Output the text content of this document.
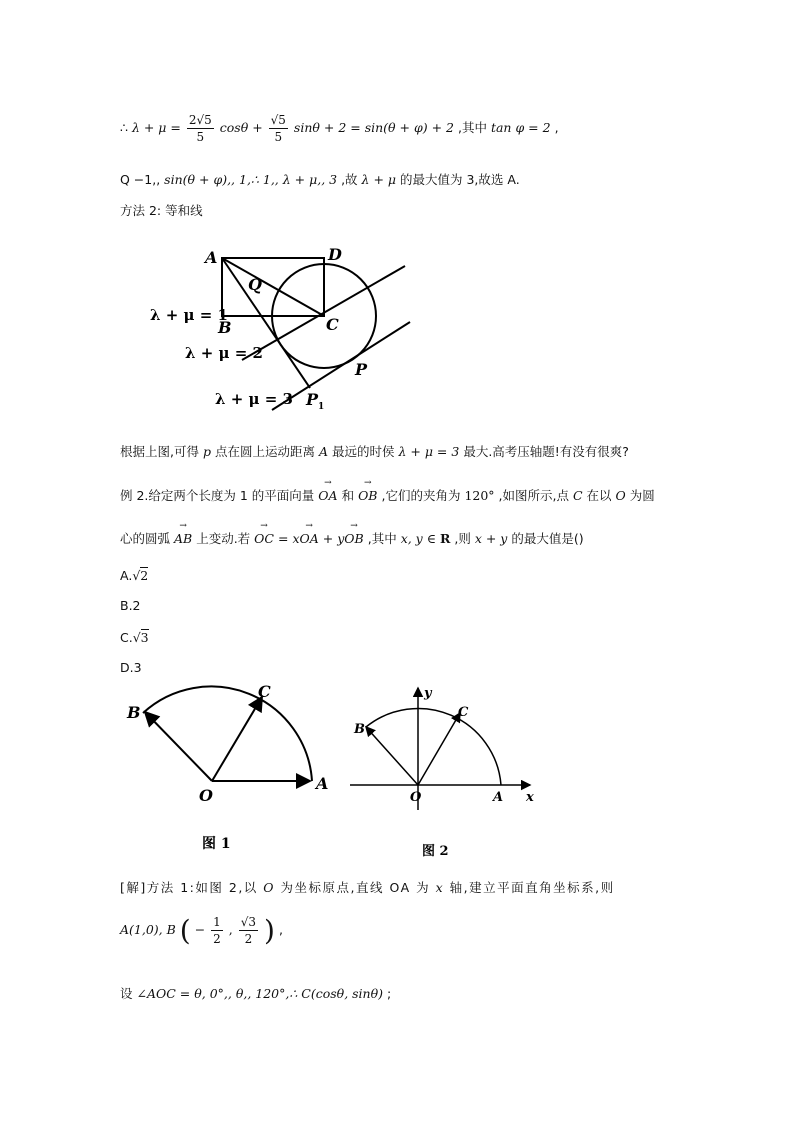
∴ $\lambda + \mu = \frac{2√5}{5}$ $\cos\theta + \frac{√5}{5}$ sinθ + 2 = sin(θ + φ) + 2 ,其中 tan φ = 2 ,
Q −1,, sin(θ + φ),, 1,∴ 1,, λ + μ,, 3 ,故 λ + μ 的最大值为 3,故选 A.
方法 2: 等和线
A	D
Q
B	C
P
$P_1$
λ + μ = 1
λ + μ = 2
λ + μ = 3
根据上图,可得 p 点在圆上运动距离 A 最远的时侯 λ + μ = 3 最大.高考压轴题!有没有很爽?
例 2.给定两个长度为 1 的平面向量 → OA 和 → OB ,它们的夹角为 120° ,如图所示,点 C 在以 O 为圆
心的圆弧 → AB 上变动.若 → OC = x→ OA + y→ OB ,其中 x, y ∈ R ,则 x + y 的最大值是()
A.√2
B.2
C.√3
D.3
B
C
O
A
图 1
y
B
C
O	A x
图 2
[解]方法 1:如图 2,以 O 为坐标原点,直线 OA 为 x 轴,建立平面直角坐标系,则
A(1,0), B ( − $\frac{1}{2}$ , $\frac{√3}{2}$ ) ,
设 ∠AOC = θ, 0°,, θ,, 120°,∴ C(cosθ, sinθ) ;
